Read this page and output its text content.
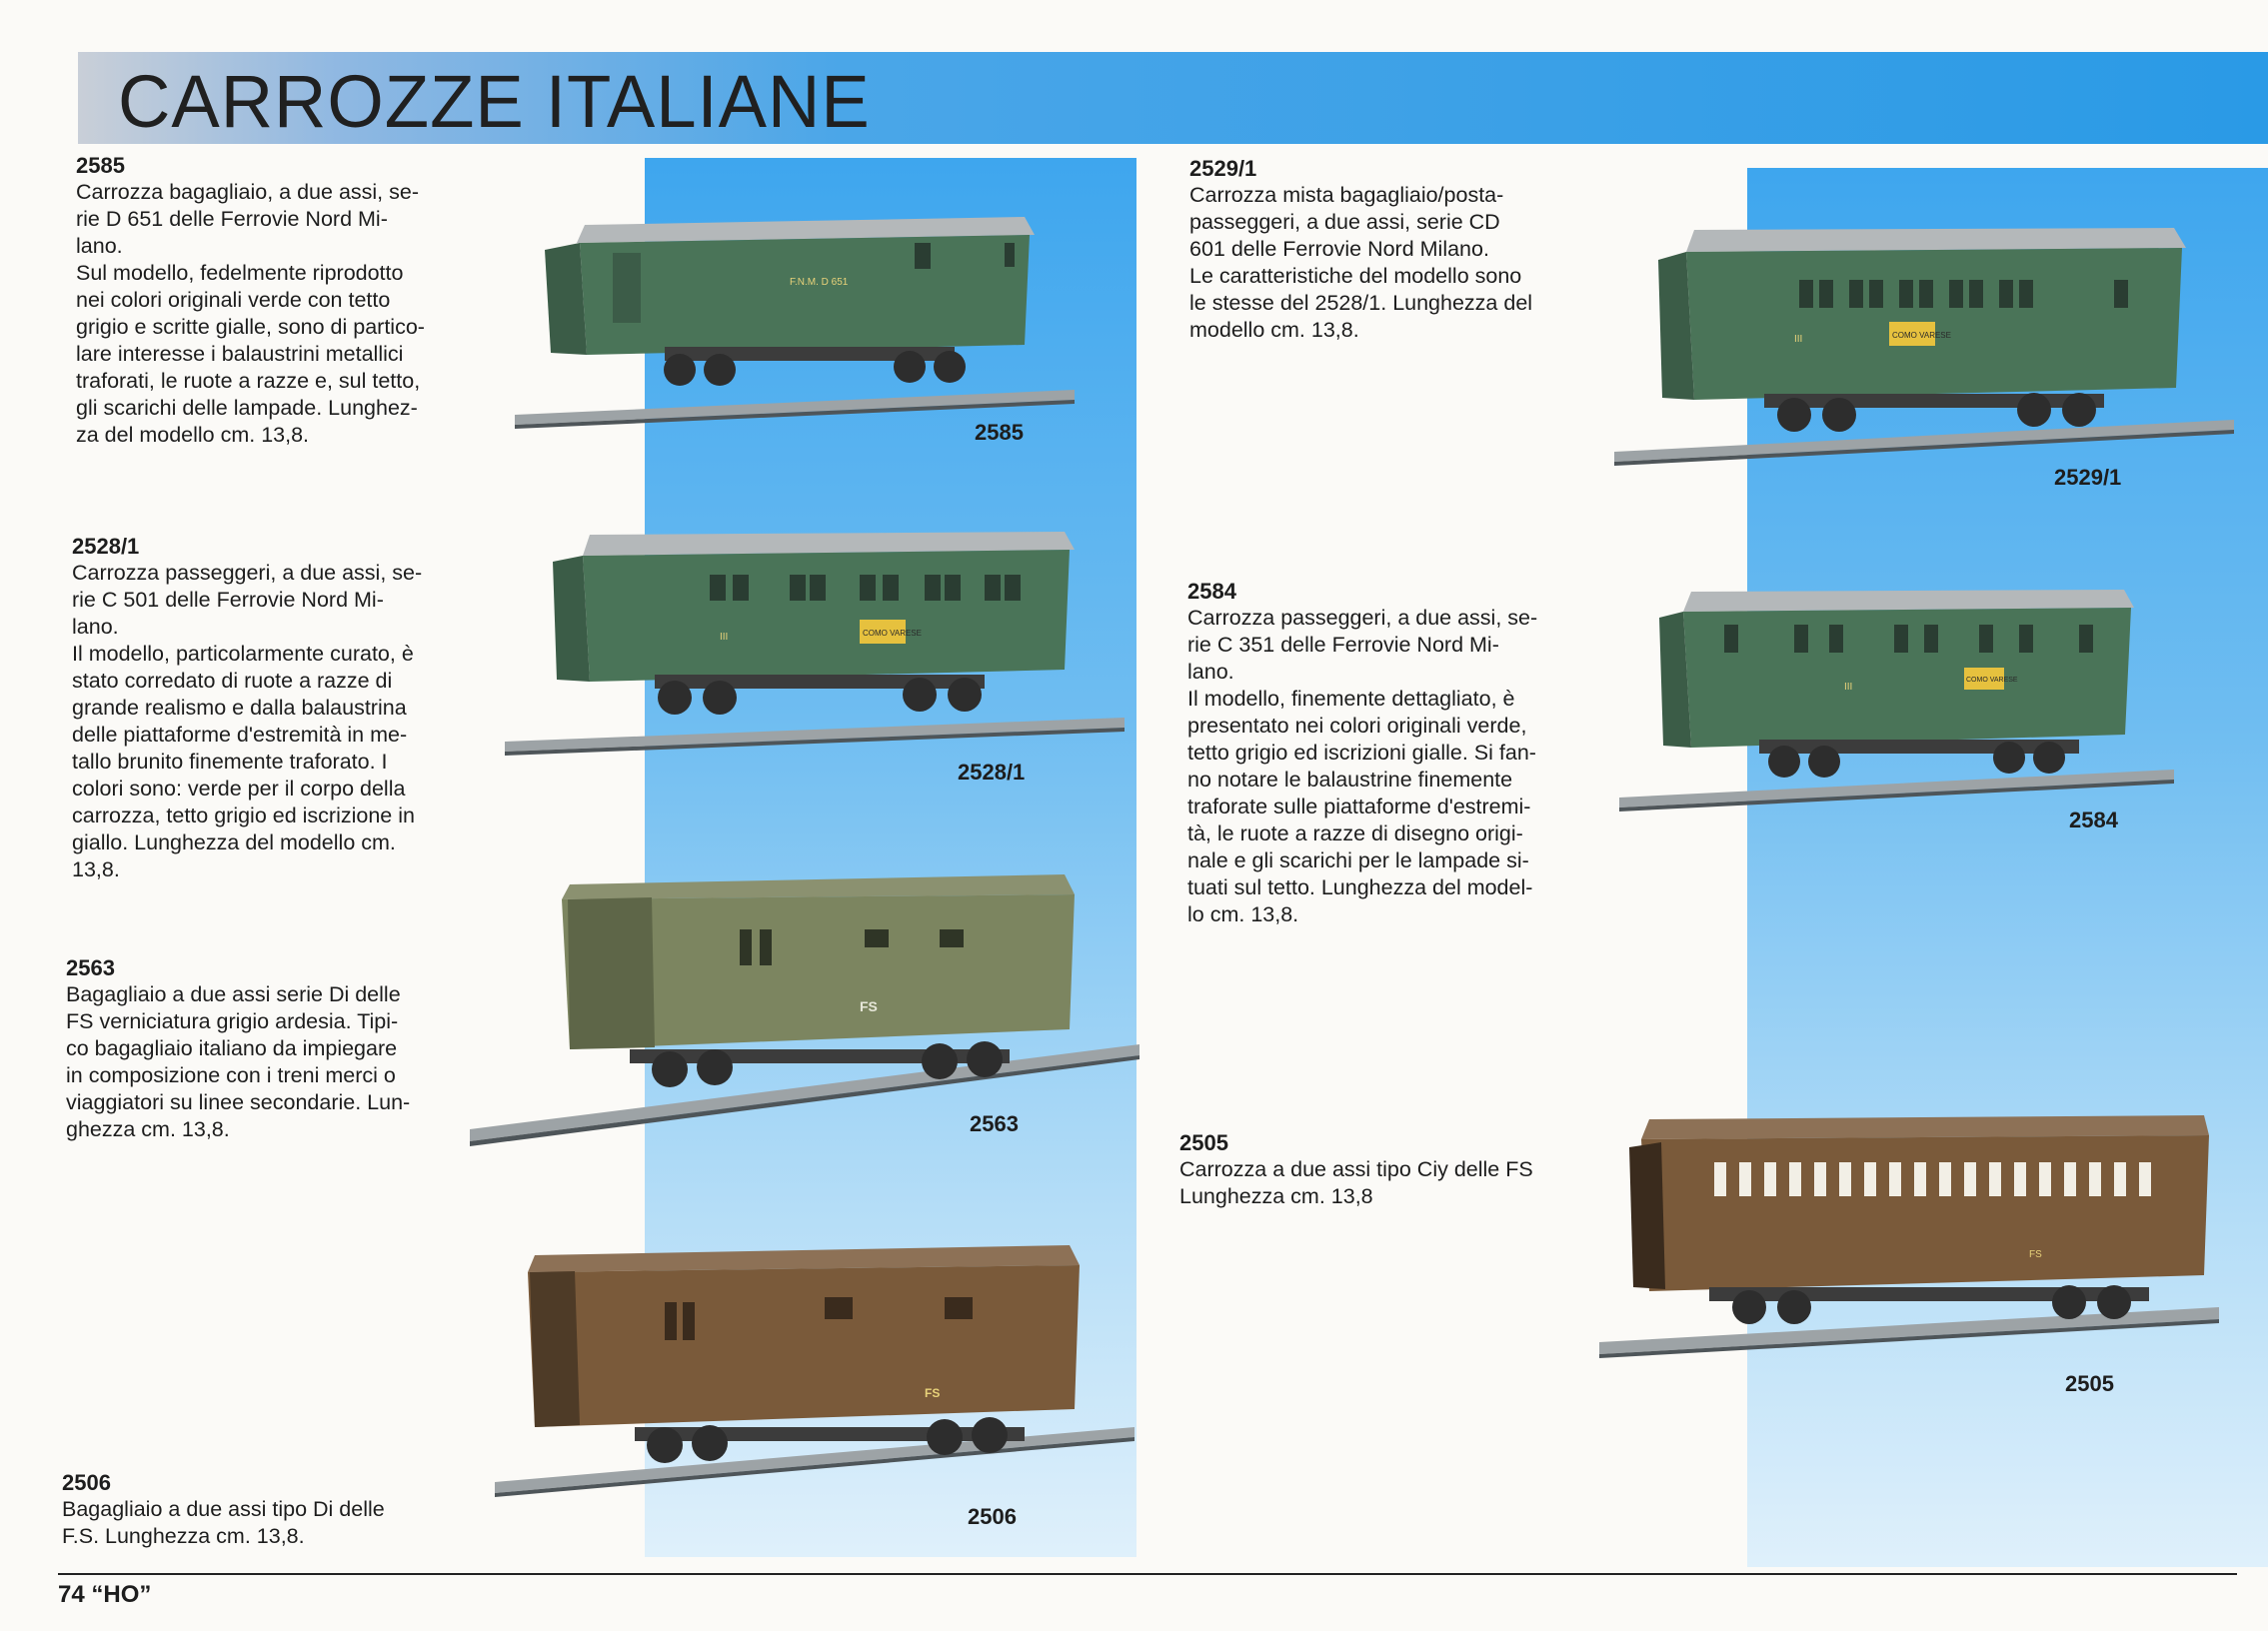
CARROZZE ITALIANE
2585
Carrozza bagagliaio, a due assi, se-
rie D 651 delle Ferrovie Nord Mi-
lano.
Sul modello, fedelmente riprodotto
nei colori originali verde con tetto
grigio e scritte gialle, sono di partico-
lare interesse i balaustrini metallici
traforati, le ruote a razze e, sul tetto,
gli scarichi delle lampade. Lunghez-
za del modello cm. 13,8.
2528/1
Carrozza passeggeri, a due assi, se-
rie C 501 delle Ferrovie Nord Mi-
lano.
Il modello, particolarmente curato, è
stato corredato di ruote a razze di
grande realismo e dalla balaustrina
delle piattaforme d'estremità in me-
tallo brunito finemente traforato. I
colori sono: verde per il corpo della
carrozza, tetto grigio ed iscrizione in
giallo. Lunghezza del modello cm.
13,8.
2563
Bagagliaio a due assi serie Di delle
FS verniciatura grigio ardesia. Tipi-
co bagagliaio italiano da impiegare
in composizione con i treni merci o
viaggiatori su linee secondarie. Lun-
ghezza cm. 13,8.
2506
Bagagliaio a due assi tipo Di delle
F.S. Lunghezza cm. 13,8.
2529/1
Carrozza mista bagagliaio/posta-
passeggeri, a due assi, serie CD
601 delle Ferrovie Nord Milano.
Le caratteristiche del modello sono
le stesse del 2528/1. Lunghezza del
modello cm. 13,8.
2584
Carrozza passeggeri, a due assi, se-
rie C 351 delle Ferrovie Nord Mi-
lano.
Il modello, finemente dettagliato, è
presentato nei colori originali verde,
tetto grigio ed iscrizioni gialle. Si fan-
no notare le balaustrine finemente
traforate sulle piattaforme d'estremi-
tà, le ruote a razze di disegno origi-
nale e gli scarichi per le lampade si-
tuati sul tetto. Lunghezza del model-
lo cm. 13,8.
2505
Carrozza a due assi tipo Ciy delle FS
Lunghezza cm. 13,8
F.N.M. D 651
COMO VARESE
III
FS
FS
COMO VARESE
III
COMO VARESE
III
FS
2585
2528/1
2563
2506
2529/1
2584
2505
74 “HO”
